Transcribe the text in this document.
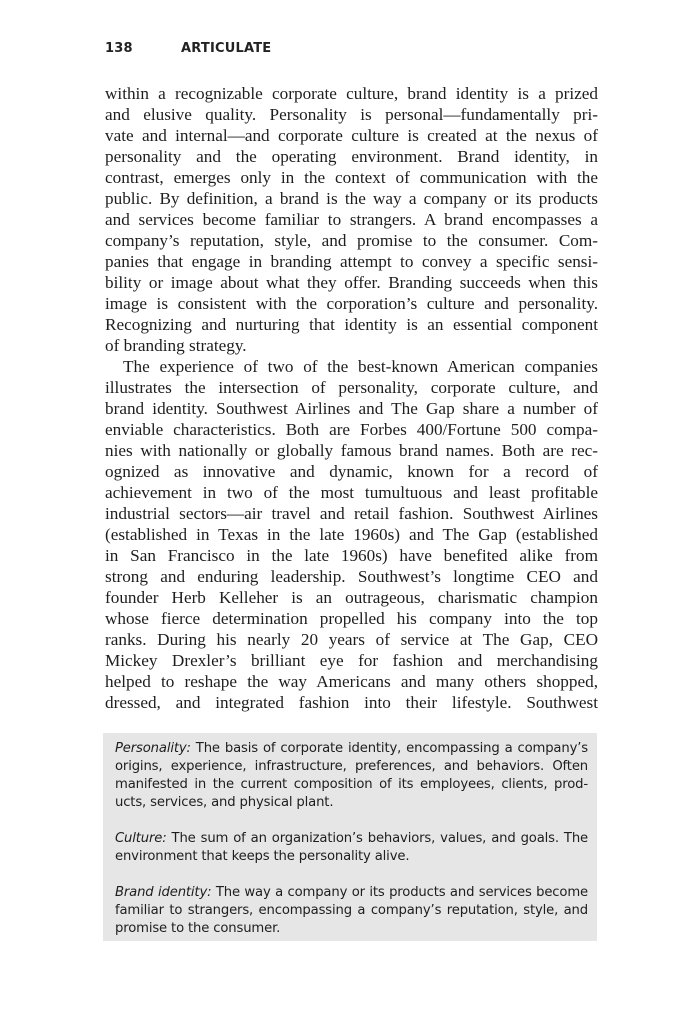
138	ARTICULATE

within a recognizable corporate culture, brand identity is a prized
and elusive quality. Personality is personal—fundamentally pri-
vate and internal—and corporate culture is created at the nexus of
personality and the operating environment. Brand identity, in
contrast, emerges only in the context of communication with the
public. By definition, a brand is the way a company or its products
and services become familiar to strangers. A brand encompasses a
company’s reputation, style, and promise to the consumer. Com-
panies that engage in branding attempt to convey a specific sensi-
bility or image about what they offer. Branding succeeds when this
image is consistent with the corporation’s culture and personality.
Recognizing and nurturing that identity is an essential component
of branding strategy.

The experience of two of the best-known American companies
illustrates the intersection of personality, corporate culture, and
brand identity. Southwest Airlines and The Gap share a number of
enviable characteristics. Both are Forbes 400/Fortune 500 compa-
nies with nationally or globally famous brand names. Both are rec-
ognized as innovative and dynamic, known for a record of
achievement in two of the most tumultuous and least profitable
industrial sectors—air travel and retail fashion. Southwest Airlines
(established in Texas in the late 1960s) and The Gap (established
in San Francisco in the late 1960s) have benefited alike from
strong and enduring leadership. Southwest’s longtime CEO and
founder Herb Kelleher is an outrageous, charismatic champion
whose fierce determination propelled his company into the top
ranks. During his nearly 20 years of service at The Gap, CEO
Mickey Drexler’s brilliant eye for fashion and merchandising
helped to reshape the way Americans and many others shopped,
dressed, and integrated fashion into their lifestyle. Southwest

Personality: The basis of corporate identity, encompassing a company’s
origins, experience, infrastructure, preferences, and behaviors. Often
manifested in the current composition of its employees, clients, prod-
ucts, services, and physical plant.
Culture: The sum of an organization’s behaviors, values, and goals. The
environment that keeps the personality alive.
Brand identity: The way a company or its products and services become
familiar to strangers, encompassing a company’s reputation, style, and
promise to the consumer.
